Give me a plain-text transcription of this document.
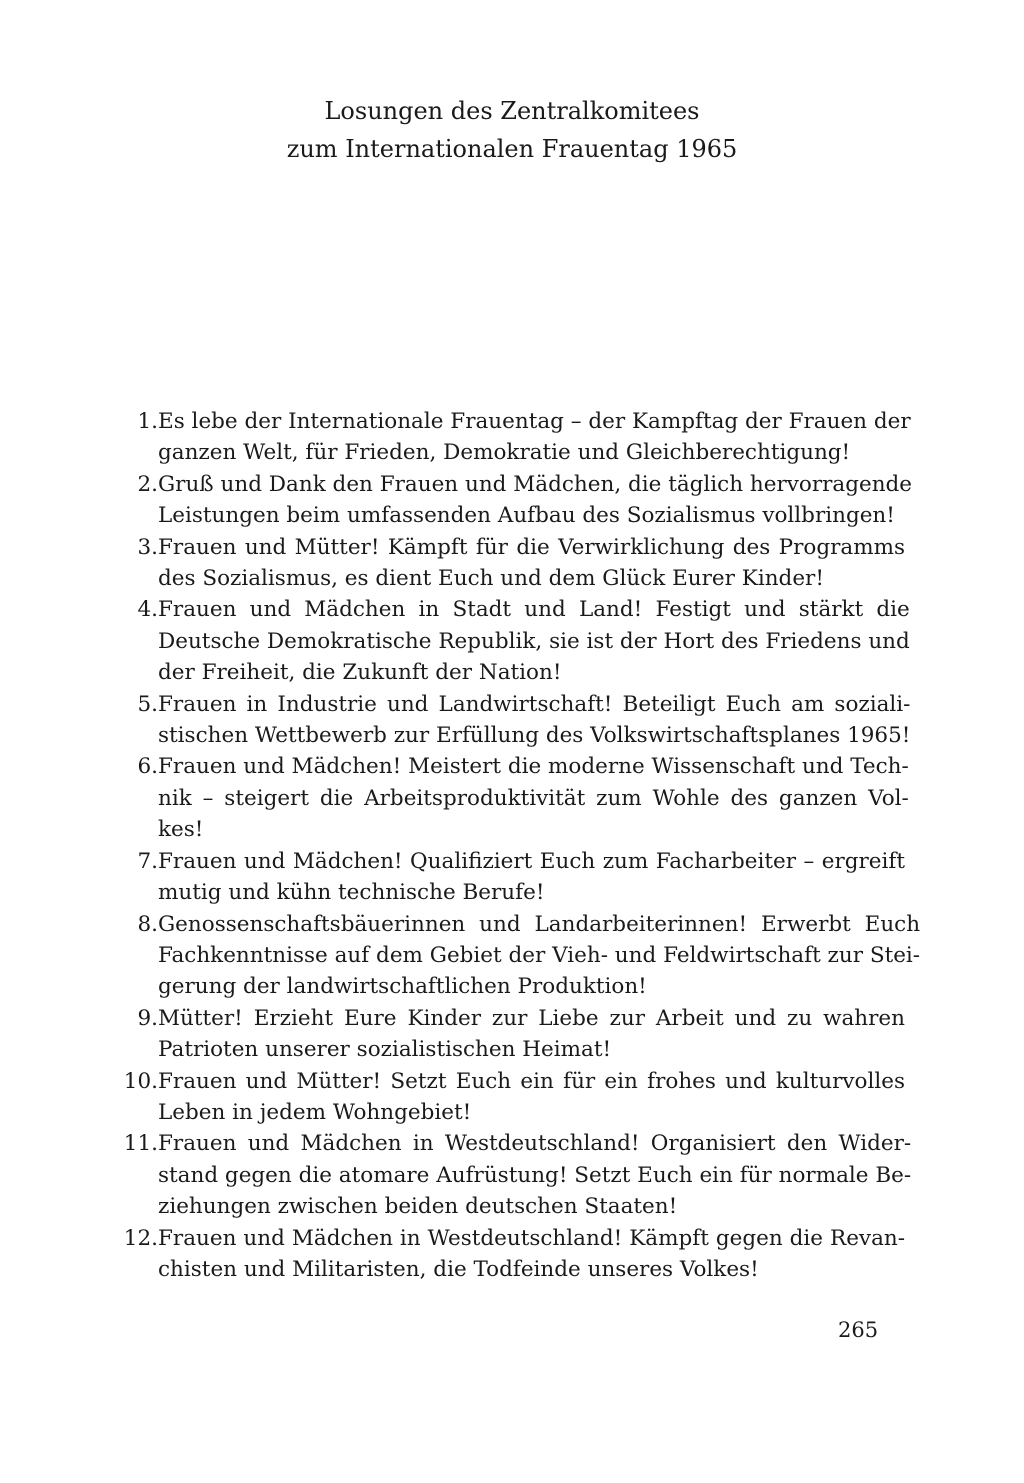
Losungen des Zentralkomitees
zum Internationalen Frauentag 1965
1. Es lebe der Internationale Frauentag – der Kampftag der Frauen der
ganzen Welt, für Frieden, Demokratie und Gleichberechtigung!
2. Gruß und Dank den Frauen und Mädchen, die täglich hervorragende
Leistungen beim umfassenden Aufbau des Sozialismus vollbringen!
3. Frauen und Mütter! Kämpft für die Verwirklichung des Programms
des Sozialismus, es dient Euch und dem Glück Eurer Kinder!
4. Frauen und Mädchen in Stadt und Land! Festigt und stärkt die
Deutsche Demokratische Republik, sie ist der Hort des Friedens und
der Freiheit, die Zukunft der Nation!
5. Frauen in Industrie und Landwirtschaft! Beteiligt Euch am soziali-
stischen Wettbewerb zur Erfüllung des Volkswirtschaftsplanes 1965!
6. Frauen und Mädchen! Meistert die moderne Wissenschaft und Tech-
nik – steigert die Arbeitsproduktivität zum Wohle des ganzen Vol-
kes!
7. Frauen und Mädchen! Qualifiziert Euch zum Facharbeiter – ergreift
mutig und kühn technische Berufe!
8. Genossenschaftsbäuerinnen und Landarbeiterinnen! Erwerbt Euch
Fachkenntnisse auf dem Gebiet der Vieh- und Feldwirtschaft zur Stei-
gerung der landwirtschaftlichen Produktion!
9. Mütter! Erzieht Eure Kinder zur Liebe zur Arbeit und zu wahren
Patrioten unserer sozialistischen Heimat!
10. Frauen und Mütter! Setzt Euch ein für ein frohes und kulturvolles
Leben in jedem Wohngebiet!
11. Frauen und Mädchen in Westdeutschland! Organisiert den Wider-
stand gegen die atomare Aufrüstung! Setzt Euch ein für normale Be-
ziehungen zwischen beiden deutschen Staaten!
12. Frauen und Mädchen in Westdeutschland! Kämpft gegen die Revan-
chisten und Militaristen, die Todfeinde unseres Volkes!
265
